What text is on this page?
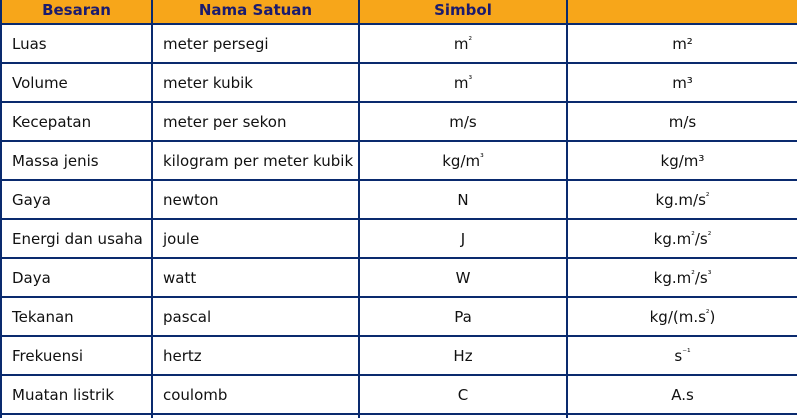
Besaran	Nama Satuan	Simbol	
Luas	meter persegi	$m^{^2}$	m²
Volume	meter kubik	$m^{^3}$	m³
Kecepatan	meter per sekon	m/s	m/s
Massa jenis	kilogram per meter kubik	$kg/m^{^3}$	kg/m³
Gaya	newton	N	$kg.m/s^{^2}$
Energi dan usaha	joule	J	$kg.m^{^2}/s^{^2}$
Daya	watt	W	$kg.m^{^2}/s^{^3}$
Tekanan	pascal	Pa	$kg/(m.s^{^2})$
Frekuensi	hertz	Hz	$s^{^{-1}}$
Muatan listrik	coulomb	C	A.s
